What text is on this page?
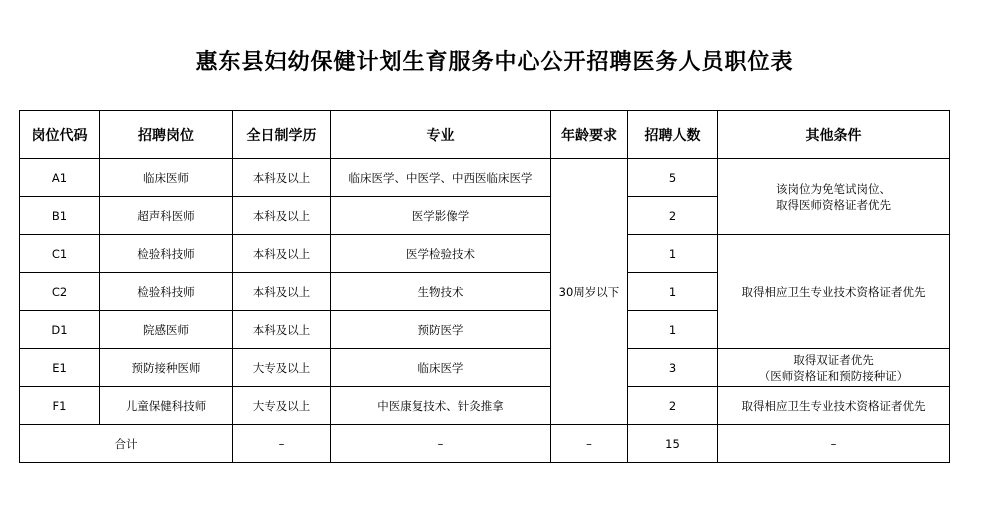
惠东县妇幼保健计划生育服务中心公开招聘医务人员职位表
岗位代码	招聘岗位	全日制学历	专业	年龄要求	招聘人数	其他条件
A1	临床医师	本科及以上	临床医学、中医学、中西医临床医学	30周岁以下	5	该岗位为免笔试岗位、
取得医师资格证者优先

B1	超声科医师	本科及以上	医学影像学		2	
C1	检验科技师	本科及以上	医学检验技术		1	取得相应卫生专业技术资格证者优先
C2	检验科技师	本科及以上	生物技术		1	
D1	院感医师	本科及以上	预防医学		1	
E1	预防接种医师	大专及以上	临床医学		3	取得双证者优先
（医师资格证和预防接种证）

F1	儿童保健科技师	大专及以上	中医康复技术、针灸推拿		2	取得相应卫生专业技术资格证者优先
合计		–	–	–	15	–
